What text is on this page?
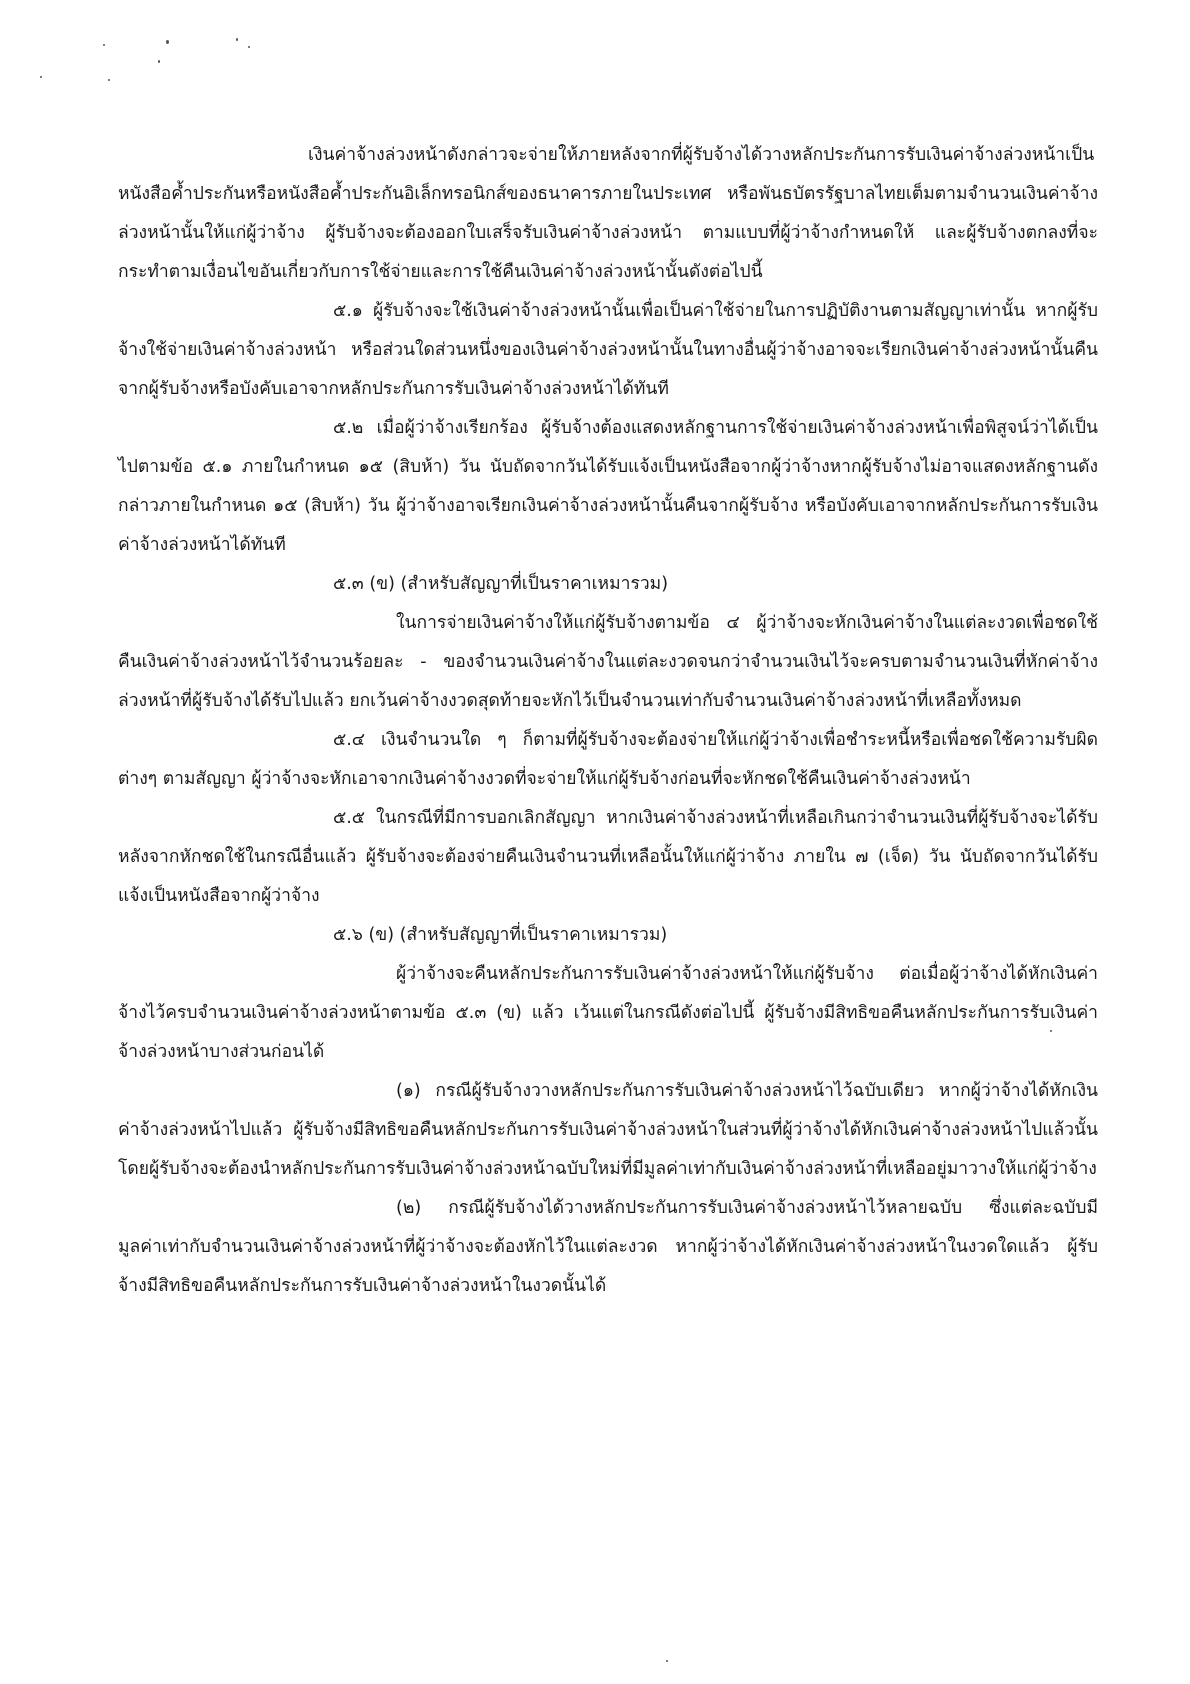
เงินค่าจ้างล่วงหน้าดังกล่าวจะจ่ายให้ภายหลังจากที่ผู้รับจ้างได้วางหลักประกันการรับเงินค่าจ้างล่วงหน้าเป็นหนังสือค้ำประกันหรือหนังสือค้ำประกันอิเล็กทรอนิกส์ของธนาคารภายในประเทศ หรือพันธบัตรรัฐบาลไทยเต็มตามจำนวนเงินค่าจ้างล่วงหน้านั้นให้แก่ผู้ว่าจ้าง ผู้รับจ้างจะต้องออกใบเสร็จรับเงินค่าจ้างล่วงหน้า ตามแบบที่ผู้ว่าจ้างกำหนดให้ และผู้รับจ้างตกลงที่จะกระทำตามเงื่อนไขอันเกี่ยวกับการใช้จ่ายและการใช้คืนเงินค่าจ้างล่วงหน้านั้นดังต่อไปนี้

๕.๑ ผู้รับจ้างจะใช้เงินค่าจ้างล่วงหน้านั้นเพื่อเป็นค่าใช้จ่ายในการปฏิบัติงานตามสัญญาเท่านั้น หากผู้รับจ้างใช้จ่ายเงินค่าจ้างล่วงหน้า หรือส่วนใดส่วนหนึ่งของเงินค่าจ้างล่วงหน้านั้นในทางอื่นผู้ว่าจ้างอาจจะเรียกเงินค่าจ้างล่วงหน้านั้นคืนจากผู้รับจ้างหรือบังคับเอาจากหลักประกันการรับเงินค่าจ้างล่วงหน้าได้ทันที

๕.๒ เมื่อผู้ว่าจ้างเรียกร้อง ผู้รับจ้างต้องแสดงหลักฐานการใช้จ่ายเงินค่าจ้างล่วงหน้าเพื่อพิสูจน์ว่าได้เป็นไปตามข้อ ๕.๑ ภายในกำหนด ๑๕ (สิบห้า) วัน นับถัดจากวันได้รับแจ้งเป็นหนังสือจากผู้ว่าจ้างหากผู้รับจ้างไม่อาจแสดงหลักฐานดังกล่าวภายในกำหนด ๑๕ (สิบห้า) วัน ผู้ว่าจ้างอาจเรียกเงินค่าจ้างล่วงหน้านั้นคืนจากผู้รับจ้าง หรือบังคับเอาจากหลักประกันการรับเงินค่าจ้างล่วงหน้าได้ทันที

๕.๓ (ข) (สำหรับสัญญาที่เป็นราคาเหมารวม)

ในการจ่ายเงินค่าจ้างให้แก่ผู้รับจ้างตามข้อ ๔ ผู้ว่าจ้างจะหักเงินค่าจ้างในแต่ละงวดเพื่อชดใช้คืนเงินค่าจ้างล่วงหน้าไว้จำนวนร้อยละ - ของจำนวนเงินค่าจ้างในแต่ละงวดจนกว่าจำนวนเงินไว้จะครบตามจำนวนเงินที่หักค่าจ้างล่วงหน้าที่ผู้รับจ้างได้รับไปแล้ว ยกเว้นค่าจ้างงวดสุดท้ายจะหักไว้เป็นจำนวนเท่ากับจำนวนเงินค่าจ้างล่วงหน้าที่เหลือทั้งหมด

๕.๔ เงินจำนวนใด ๆ ก็ตามที่ผู้รับจ้างจะต้องจ่ายให้แก่ผู้ว่าจ้างเพื่อชำระหนี้หรือเพื่อชดใช้ความรับผิดต่างๆ ตามสัญญา ผู้ว่าจ้างจะหักเอาจากเงินค่าจ้างงวดที่จะจ่ายให้แก่ผู้รับจ้างก่อนที่จะหักชดใช้คืนเงินค่าจ้างล่วงหน้า

๕.๕ ในกรณีที่มีการบอกเลิกสัญญา หากเงินค่าจ้างล่วงหน้าที่เหลือเกินกว่าจำนวนเงินที่ผู้รับจ้างจะได้รับหลังจากหักชดใช้ในกรณีอื่นแล้ว ผู้รับจ้างจะต้องจ่ายคืนเงินจำนวนที่เหลือนั้นให้แก่ผู้ว่าจ้าง ภายใน ๗ (เจ็ด) วัน นับถัดจากวันได้รับแจ้งเป็นหนังสือจากผู้ว่าจ้าง

๕.๖ (ข) (สำหรับสัญญาที่เป็นราคาเหมารวม)

ผู้ว่าจ้างจะคืนหลักประกันการรับเงินค่าจ้างล่วงหน้าให้แก่ผู้รับจ้าง ต่อเมื่อผู้ว่าจ้างได้หักเงินค่าจ้างไว้ครบจำนวนเงินค่าจ้างล่วงหน้าตามข้อ ๕.๓ (ข) แล้ว เว้นแต่ในกรณีดังต่อไปนี้ ผู้รับจ้างมีสิทธิขอคืนหลักประกันการรับเงินค่าจ้างล่วงหน้าบางส่วนก่อนได้

(๑) กรณีผู้รับจ้างวางหลักประกันการรับเงินค่าจ้างล่วงหน้าไว้ฉบับเดียว หากผู้ว่าจ้างได้หักเงินค่าจ้างล่วงหน้าไปแล้ว ผู้รับจ้างมีสิทธิขอคืนหลักประกันการรับเงินค่าจ้างล่วงหน้าในส่วนที่ผู้ว่าจ้างได้หักเงินค่าจ้างล่วงหน้าไปแล้วนั้น โดยผู้รับจ้างจะต้องนำหลักประกันการรับเงินค่าจ้างล่วงหน้าฉบับใหม่ที่มีมูลค่าเท่ากับเงินค่าจ้างล่วงหน้าที่เหลืออยู่มาวางให้แก่ผู้ว่าจ้าง

(๒) กรณีผู้รับจ้างได้วางหลักประกันการรับเงินค่าจ้างล่วงหน้าไว้หลายฉบับ ซึ่งแต่ละฉบับมีมูลค่าเท่ากับจำนวนเงินค่าจ้างล่วงหน้าที่ผู้ว่าจ้างจะต้องหักไว้ในแต่ละงวด หากผู้ว่าจ้างได้หักเงินค่าจ้างล่วงหน้าในงวดใดแล้ว ผู้รับจ้างมีสิทธิขอคืนหลักประกันการรับเงินค่าจ้างล่วงหน้าในงวดนั้นได้
